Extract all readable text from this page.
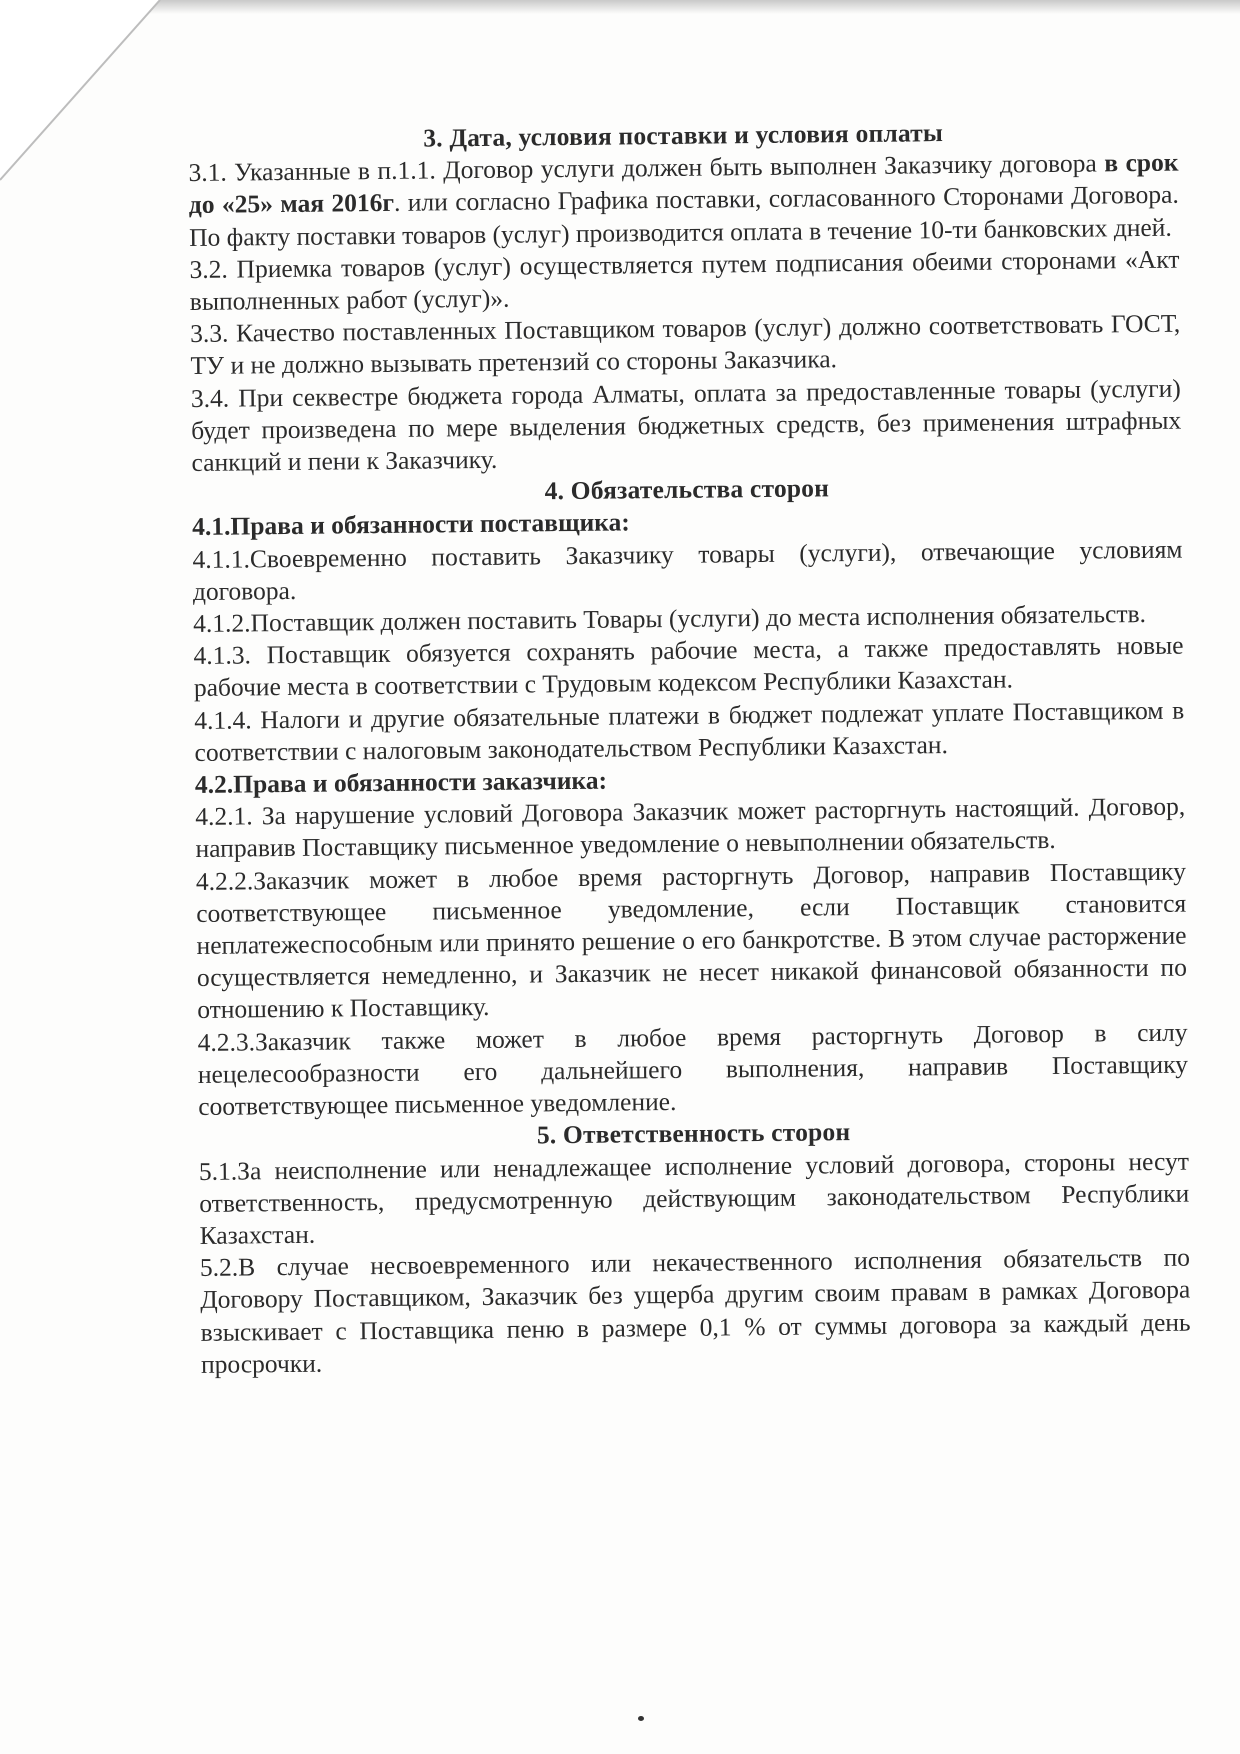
3. Дата, условия поставки и условия оплаты

3.1. Указанные в п.1.1. Договор услуги должен быть выполнен Заказчику договора в срок до «25» мая 2016г. или согласно Графика поставки, согласованного Сторонами Договора. По факту поставки товаров (услуг) производится оплата в течение 10-ти банковских дней.

3.2. Приемка товаров (услуг) осуществляется путем подписания обеими сторонами «Акт выполненных работ (услуг)».

3.3. Качество поставленных Поставщиком товаров (услуг) должно соответствовать ГОСТ, ТУ и не должно вызывать претензий со стороны Заказчика.

3.4. При секвестре бюджета города Алматы, оплата за предоставленные товары (услуги) будет произведена по мере выделения бюджетных средств, без применения штрафных санкций и пени к Заказчику.

4. Обязательства сторон

4.1.Права и обязанности поставщика:

4.1.1.Своевременно поставить Заказчику товары (услуги), отвечающие условиям договора.

4.1.2.Поставщик должен поставить Товары (услуги) до места исполнения обязательств.

4.1.3. Поставщик обязуется сохранять рабочие места, а также предоставлять новые рабочие места в соответствии с Трудовым кодексом Республики Казахстан.

4.1.4. Налоги и другие обязательные платежи в бюджет подлежат уплате Поставщиком в соответствии с налоговым законодательством Республики Казахстан.

4.2.Права и обязанности заказчика:

4.2.1. За нарушение условий Договора Заказчик может расторгнуть настоящий. Договор, направив Поставщику письменное уведомление о невыполнении обязательств.

4.2.2.Заказчик может в любое время расторгнуть Договор, направив Поставщику соответствующее письменное уведомление, если Поставщик становится неплатежеспособным или принято решение о его банкротстве. В этом случае расторжение осуществляется немедленно, и Заказчик не несет никакой финансовой обязанности по отношению к Поставщику.

4.2.3.Заказчик также может в любое время расторгнуть Договор в силу нецелесообразности его дальнейшего выполнения, направив Поставщику соответствующее письменное уведомление.

5. Ответственность сторон

5.1.За неисполнение или ненадлежащее исполнение условий договора, стороны несут ответственность, предусмотренную действующим законодательством Республики Казахстан.

5.2.В случае несвоевременного или некачественного исполнения обязательств по Договору Поставщиком, Заказчик без ущерба другим своим правам в рамках Договора взыскивает с Поставщика пеню в размере 0,1 % от суммы договора за каждый день просрочки.
